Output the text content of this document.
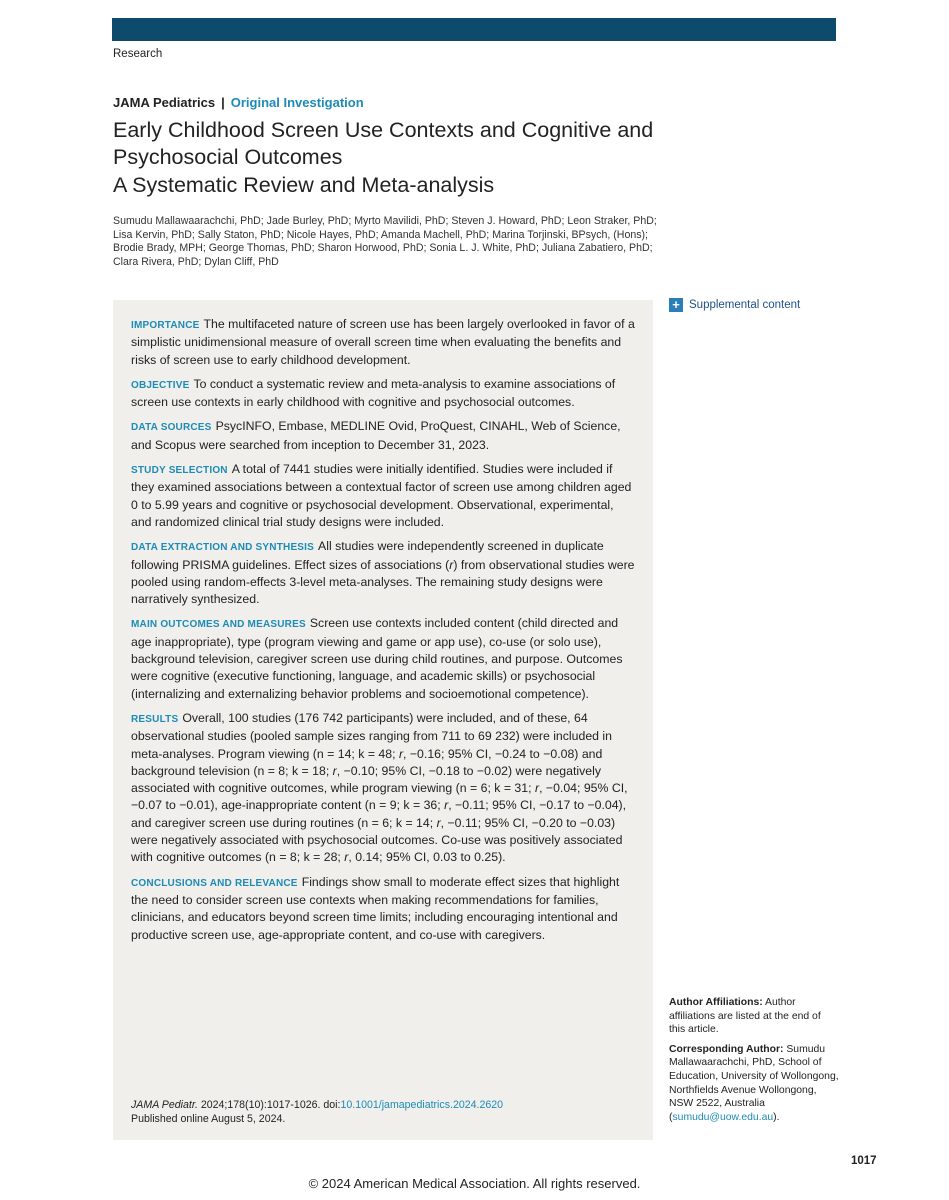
Research
JAMA Pediatrics | Original Investigation
Early Childhood Screen Use Contexts and Cognitive and Psychosocial Outcomes
A Systematic Review and Meta-analysis
Sumudu Mallawaarachchi, PhD; Jade Burley, PhD; Myrto Mavilidi, PhD; Steven J. Howard, PhD; Leon Straker, PhD; Lisa Kervin, PhD; Sally Staton, PhD; Nicole Hayes, PhD; Amanda Machell, PhD; Marina Torjinski, BPsych, (Hons); Brodie Brady, MPH; George Thomas, PhD; Sharon Horwood, PhD; Sonia L. J. White, PhD; Juliana Zabatiero, PhD; Clara Rivera, PhD; Dylan Cliff, PhD
+ Supplemental content

IMPORTANCE The multifaceted nature of screen use has been largely overlooked in favor of a simplistic unidimensional measure of overall screen time when evaluating the benefits and risks of screen use to early childhood development.

OBJECTIVE To conduct a systematic review and meta-analysis to examine associations of screen use contexts in early childhood with cognitive and psychosocial outcomes.

DATA SOURCES PsycINFO, Embase, MEDLINE Ovid, ProQuest, CINAHL, Web of Science, and Scopus were searched from inception to December 31, 2023.

STUDY SELECTION A total of 7441 studies were initially identified. Studies were included if they examined associations between a contextual factor of screen use among children aged 0 to 5.99 years and cognitive or psychosocial development. Observational, experimental, and randomized clinical trial study designs were included.

DATA EXTRACTION AND SYNTHESIS All studies were independently screened in duplicate following PRISMA guidelines. Effect sizes of associations (r) from observational studies were pooled using random-effects 3-level meta-analyses. The remaining study designs were narratively synthesized.

MAIN OUTCOMES AND MEASURES Screen use contexts included content (child directed and age inappropriate), type (program viewing and game or app use), co-use (or solo use), background television, caregiver screen use during child routines, and purpose. Outcomes were cognitive (executive functioning, language, and academic skills) or psychosocial (internalizing and externalizing behavior problems and socioemotional competence).

RESULTS Overall, 100 studies (176 742 participants) were included, and of these, 64 observational studies (pooled sample sizes ranging from 711 to 69 232) were included in meta-analyses. Program viewing (n = 14; k = 48; r, −0.16; 95% CI, −0.24 to −0.08) and background television (n = 8; k = 18; r, −0.10; 95% CI, −0.18 to −0.02) were negatively associated with cognitive outcomes, while program viewing (n = 6; k = 31; r, −0.04; 95% CI, −0.07 to −0.01), age-inappropriate content (n = 9; k = 36; r, −0.11; 95% CI, −0.17 to −0.04), and caregiver screen use during routines (n = 6; k = 14; r, −0.11; 95% CI, −0.20 to −0.03) were negatively associated with psychosocial outcomes. Co-use was positively associated with cognitive outcomes (n = 8; k = 28; r, 0.14; 95% CI, 0.03 to 0.25).

CONCLUSIONS AND RELEVANCE Findings show small to moderate effect sizes that highlight the need to consider screen use contexts when making recommendations for families, clinicians, and educators beyond screen time limits; including encouraging intentional and productive screen use, age-appropriate content, and co-use with caregivers.

JAMA Pediatr. 2024;178(10):1017-1026. doi:10.1001/jamapediatrics.2024.2620
Published online August 5, 2024.

Author Affiliations: Author affiliations are listed at the end of this article.

Corresponding Author: Sumudu Mallawaarachchi, PhD, School of Education, University of Wollongong, Northfields Avenue Wollongong, NSW 2522, Australia (sumudu@uow.edu.au).

1017
© 2024 American Medical Association. All rights reserved.
